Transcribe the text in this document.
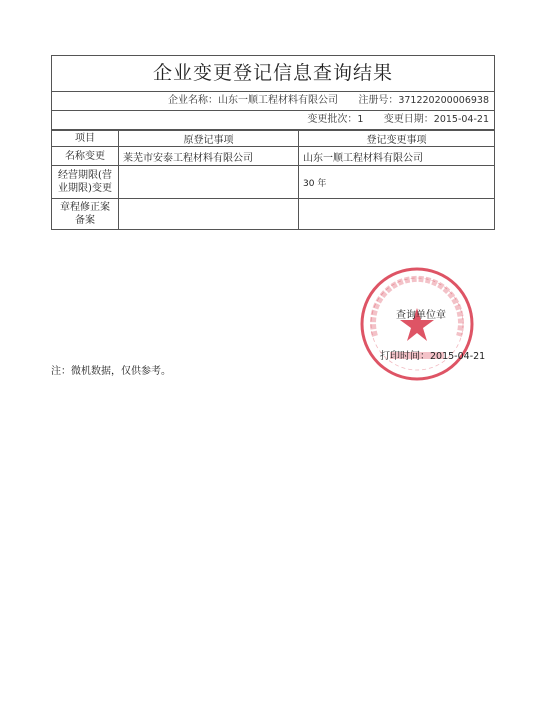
企业变更登记信息查询结果
企业名称：山东一顺工程材料有限公司 注册号：371220200006938
变更批次：1 变更日期：2015-04-21
项目	原登记事项	登记变更事项
名称变更	莱芜市安泰工程材料有限公司	山东一顺工程材料有限公司
经营期限(营业期限)变更		30 年
章程修正案备案		
查询单位章
打印时间：2015-04-21
注：微机数据，仅供参考。
